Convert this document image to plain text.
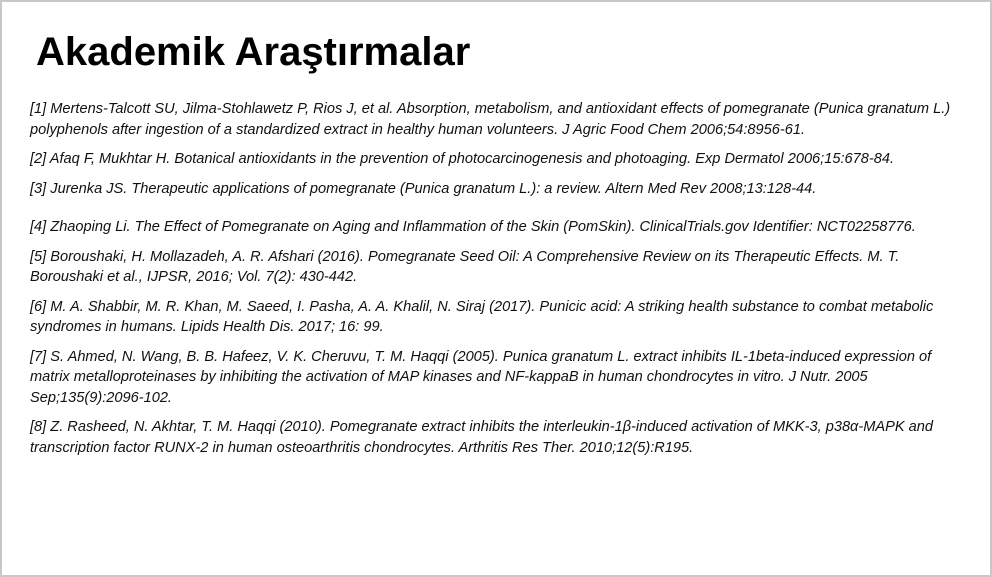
Akademik Araştırmalar
[1] Mertens-Talcott SU, Jilma-Stohlawetz P, Rios J, et al. Absorption, metabolism, and antioxidant effects of pomegranate (Punica granatum L.) polyphenols after ingestion of a standardized extract in healthy human volunteers. J Agric Food Chem 2006;54:8956-61.
[2] Afaq F, Mukhtar H. Botanical antioxidants in the prevention of photocarcinogenesis and photoaging. Exp Dermatol 2006;15:678-84.
[3] Jurenka JS. Therapeutic applications of pomegranate (Punica granatum L.): a review. Altern Med Rev 2008;13:128-44.
[4] Zhaoping Li. The Effect of Pomegranate on Aging and Inflammation of the Skin (PomSkin). ClinicalTrials.gov Identifier: NCT02258776.
[5] Boroushaki, H. Mollazadeh, A. R. Afshari (2016). Pomegranate Seed Oil: A Comprehensive Review on its Therapeutic Effects. M. T. Boroushaki et al., IJPSR, 2016; Vol. 7(2): 430-442.
[6] M. A. Shabbir, M. R. Khan, M. Saeed, I. Pasha, A. A. Khalil, N. Siraj (2017). Punicic acid: A striking health substance to combat metabolic syndromes in humans. Lipids Health Dis. 2017; 16: 99.
[7] S. Ahmed, N. Wang, B. B. Hafeez, V. K. Cheruvu, T. M. Haqqi (2005). Punica granatum L. extract inhibits IL-1beta-induced expression of matrix metalloproteinases by inhibiting the activation of MAP kinases and NF-kappaB in human chondrocytes in vitro. J Nutr. 2005 Sep;135(9):2096-102.
[8] Z. Rasheed, N. Akhtar, T. M. Haqqi (2010). Pomegranate extract inhibits the interleukin-1β-induced activation of MKK-3, p38α-MAPK and transcription factor RUNX-2 in human osteoarthritis chondrocytes. Arthritis Res Ther. 2010;12(5):R195.
